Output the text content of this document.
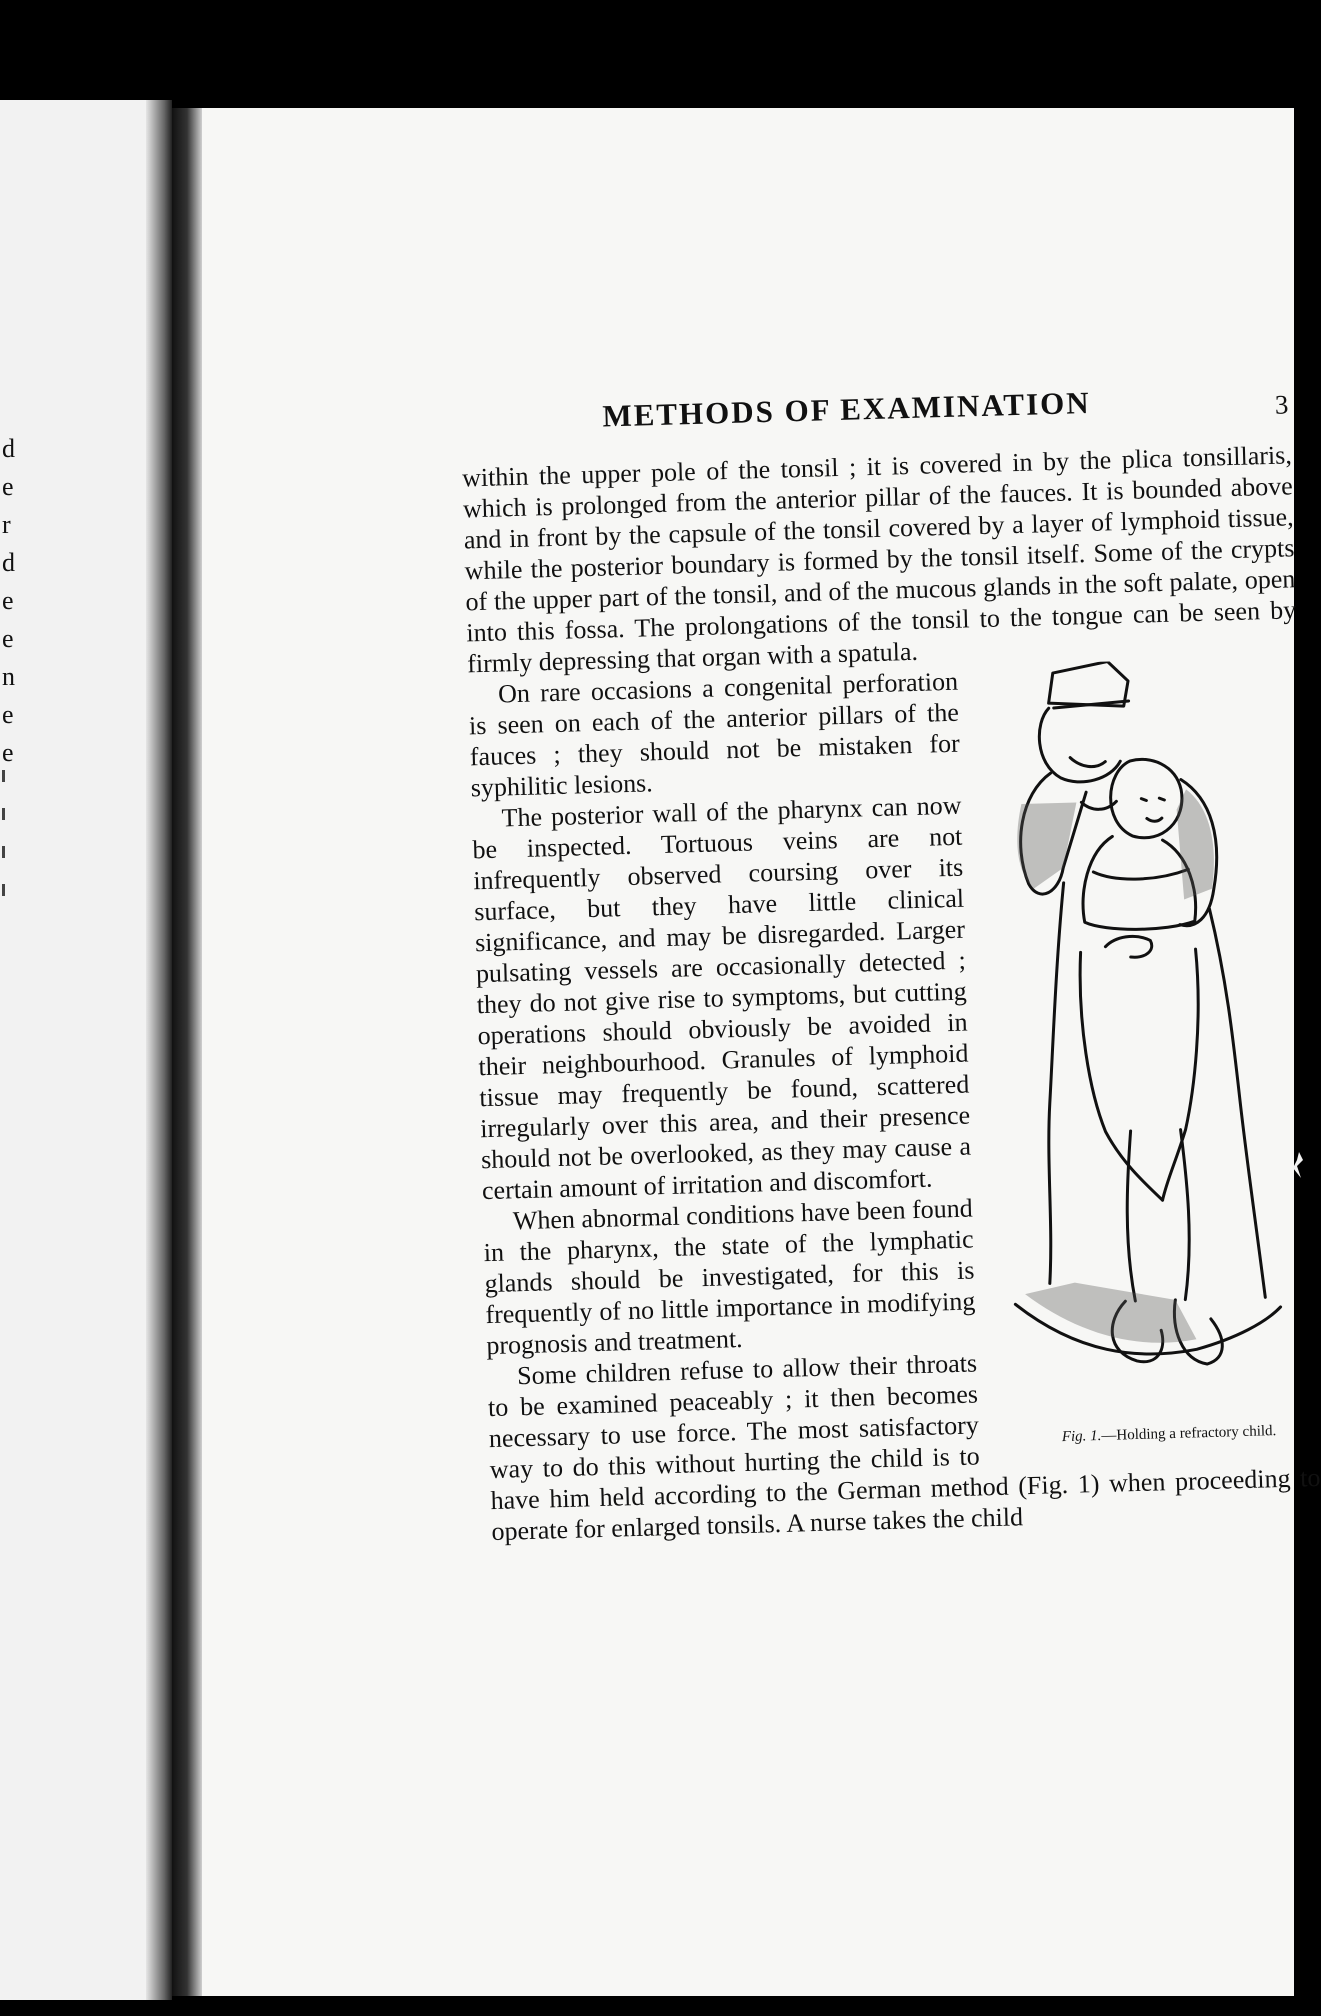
d
e
r
d
e
e
n
e
e
METHODS OF EXAMINATION	3

within the upper pole of the tonsil ; it is covered in by the plica tonsillaris, which is prolonged from the anterior pillar of the fauces. It is bounded above and in front by the capsule of the tonsil covered by a layer of lymphoid tissue, while the posterior boundary is formed by the tonsil itself. Some of the crypts of the upper part of the tonsil, and of the mucous glands in the soft palate, open into this fossa. The prolongations of the tonsil to the tongue can be seen by firmly depressing that organ with a spatula.

Fig. 1.—Holding a refractory child.

On rare occasions a congenital perforation is seen on each of the anterior pillars of the fauces ; they should not be mistaken for syphilitic lesions.

The posterior wall of the pharynx can now be inspected. Tortuous veins are not infrequently observed coursing over its surface, but they have little clinical significance, and may be disregarded. Larger pulsating vessels are occasionally detected ; they do not give rise to symptoms, but cutting operations should obviously be avoided in their neighbourhood. Granules of lymphoid tissue may frequently be found, scattered irregularly over this area, and their presence should not be overlooked, as they may cause a certain amount of irritation and discomfort.

When abnormal conditions have been found in the pharynx, the state of the lymphatic glands should be investigated, for this is frequently of no little importance in modifying prognosis and treatment.

Some children refuse to allow their throats to be examined peaceably ; it then becomes necessary to use force. The most satisfactory way to do this without hurting the child is to have him held according to the German method (Fig. 1) when proceeding to operate for enlarged tonsils. A nurse takes the child
